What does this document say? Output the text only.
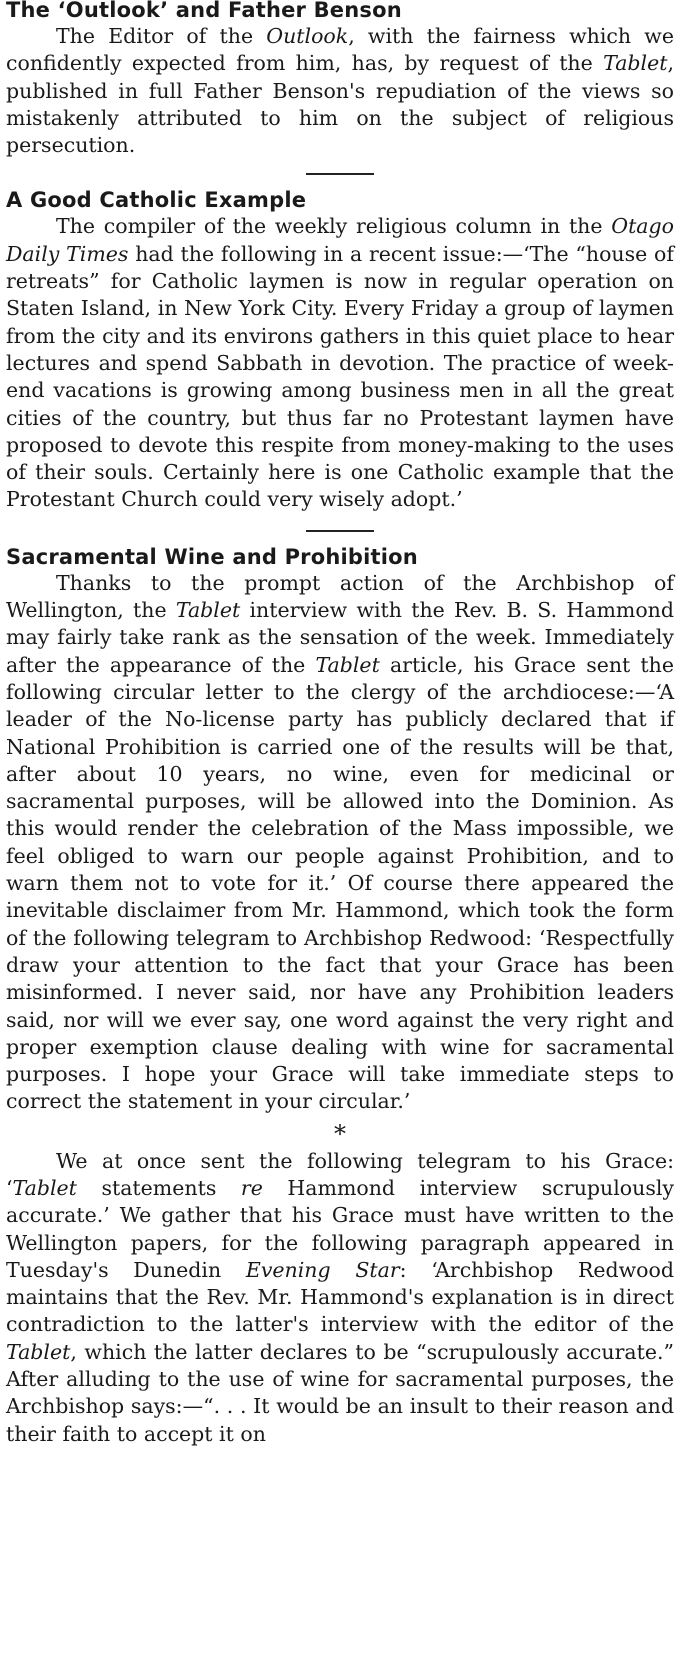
The ‘Outlook’ and Father Benson

The Editor of the Outlook, with the fairness which we confidently expected from him, has, by request of the Tablet, published in full Father Benson's repudiation of the views so mistakenly attributed to him on the subject of religious persecution.

A Good Catholic Example

The compiler of the weekly religious column in the Otago Daily Times had the following in a recent issue:—‘The “house of retreats” for Catholic laymen is now in regular operation on Staten Island, in New York City. Every Friday a group of laymen from the city and its environs gathers in this quiet place to hear lectures and spend Sabbath in devotion. The practice of week-end vacations is growing among business men in all the great cities of the country, but thus far no Protestant laymen have proposed to devote this respite from money-making to the uses of their souls. Certainly here is one Catholic example that the Protestant Church could very wisely adopt.’

Sacramental Wine and Prohibition

Thanks to the prompt action of the Archbishop of Wellington, the Tablet interview with the Rev. B. S. Hammond may fairly take rank as the sensation of the week. Immediately after the appearance of the Tablet article, his Grace sent the following circular letter to the clergy of the archdiocese:—‘A leader of the No-license party has publicly declared that if National Prohibition is carried one of the results will be that, after about 10 years, no wine, even for medicinal or sacramental purposes, will be allowed into the Dominion. As this would render the celebration of the Mass impossible, we feel obliged to warn our people against Prohibition, and to warn them not to vote for it.’ Of course there appeared the inevitable disclaimer from Mr. Hammond, which took the form of the following telegram to Archbishop Redwood: ‘Respectfully draw your attention to the fact that your Grace has been misinformed. I never said, nor have any Prohibition leaders said, nor will we ever say, one word against the very right and proper exemption clause dealing with wine for sacramental purposes. I hope your Grace will take immediate steps to correct the statement in your circular.’

*

We at once sent the following telegram to his Grace: ‘Tablet statements re Hammond interview scrupulously accurate.’ We gather that his Grace must have written to the Wellington papers, for the following paragraph appeared in Tuesday's Dunedin Evening Star: ‘Archbishop Redwood maintains that the Rev. Mr. Hammond's explanation is in direct contradiction to the latter's interview with the editor of the Tablet, which the latter declares to be “scrupulously accurate.” After alluding to the use of wine for sacramental purposes, the Archbishop says:—“. . . It would be an insult to their reason and their faith to accept it on
